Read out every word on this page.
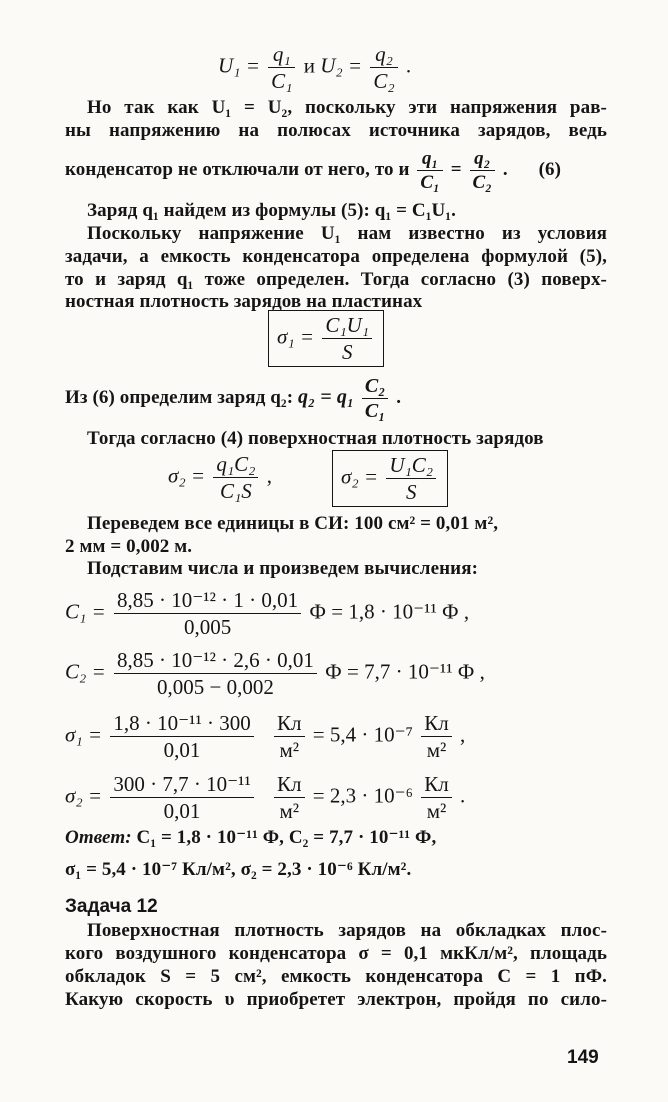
$U_1 = \frac{\text{q₁}}{\text{C₁}}$ и $U_2 = \frac{\text{q₂}}{\text{C₂}}$ .
Но так как U₁ = U₂, поскольку эти напряжения рав-
ны напряжению на полюсах источника зарядов, ведь
конденсатор не отключали от него, то и $\frac{\text{q₁}}{\text{C₁}} = \frac{\text{q₂}}{\text{C₂}}$ . (6)
Заряд q₁ найдем из формулы (5): q₁ = C₁U₁.
Поскольку напряжение U₁ нам известно из условия
задачи, а емкость конденсатора определена формулой (5),
то и заряд q₁ тоже определен. Тогда согласно (3) поверх-
ностная плотность зарядов на пластинах
$\sigma_1 = \frac{\text{C₁U₁}}{S}$
Из (6) определим заряд q₂: $q_2 = q_1 \frac{\text{C₂}}{\text{C₁}}$ .
Тогда согласно (4) поверхностная плотность зарядов
$\sigma_2 = \frac{\text{q₁C₂}}{\text{C₁S}}$ ,	$\sigma_2 = \frac{\text{U₁C₂}}{S}$
Переведем все единицы в СИ: 100 см² = 0,01 м²,
2 мм = 0,002 м.
Подставим числа и произведем вычисления:
$C_1 = \frac{\text{8,85 · 10⁻¹² · 1 · 0,01}}{0,005}$ Ф = 1,8 · 10⁻¹¹ Ф ,
$C_2 = \frac{\text{8,85 · 10⁻¹² · 2,6 · 0,01}}{0,005 - 0,002}$ Ф = 7,7 · 10⁻¹¹ Ф ,
$\sigma_1 = \frac{\text{1,8 · 10⁻¹¹ · 300}}{0,01}$
$\frac{Кл}{\text{м²}} = 5,4 \cdot 10^{-7} \frac{Кл}{\text{м²}}$ ,
$\sigma_2 = \frac{\text{300 · 7,7 · 10⁻¹¹}}{0,01}$
$\frac{Кл}{\text{м²}} = 2,3 \cdot 10^{-6} \frac{Кл}{\text{м²}}$ .
Ответ: C₁ = 1,8 · 10⁻¹¹ Ф, C₂ = 7,7 · 10⁻¹¹ Ф,
σ₁ = 5,4 · 10⁻⁷ Кл/м², σ₂ = 2,3 · 10⁻⁶ Кл/м².
Задача 12
Поверхностная плотность зарядов на обкладках плос-
кого воздушного конденсатора σ = 0,1 мкКл/м², площадь
обкладок S = 5 см², емкость конденсатора C = 1 пФ.
Какую скорость υ приобретет электрон, пройдя по сило-
149
